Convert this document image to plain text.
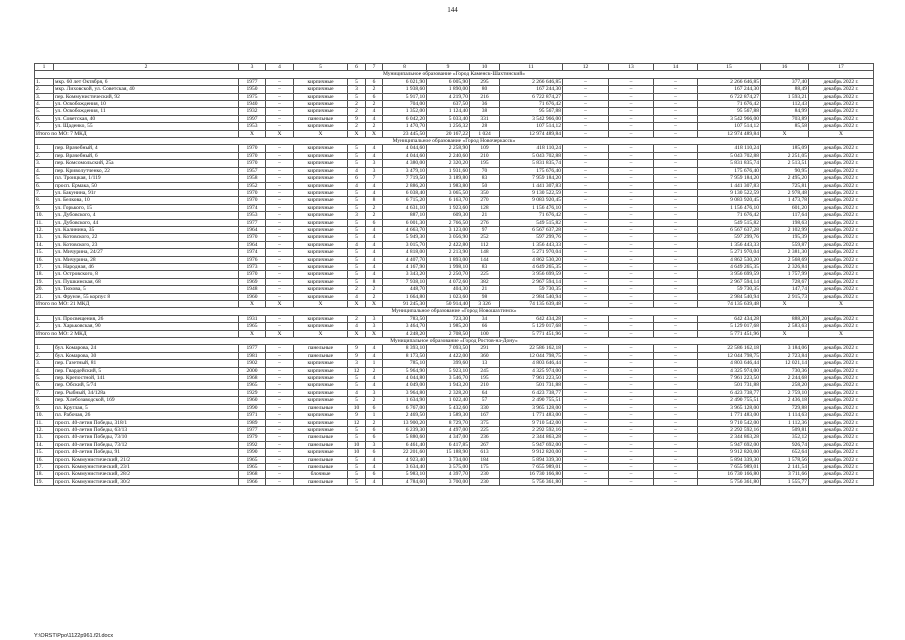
144
1	2	3	4	5	6	7	8	9	10	11	12	13	14	15	16	17
Муниципальное образование «Город Каменск-Шахтинский»																
1.	мкр. 60 лет Октября, 6	1977	–	кирпичные	5	6	6 021,90	6 005,90	295	2 266 646,85	–	–	–	2 266 646,85	377,40	декабрь 2022 г.
2.	мкр. Лиховской, ул. Советская, 40	1950	–	кирпичные	3	2	1 938,60	1 890,00	80	167 244,30	–	–	–	167 244,30	88,49	декабрь 2022 г.
3.	пер. Коммунистический, 92	1975	–	кирпичные	5	6	5 917,10	4 219,70	216	6 722 874,27	–	–	–	6 722 874,27	1 593,21	декабрь 2022 г.
4.	ул. Освобождения, 10	1940	–	кирпичные	2	2	704,00	637,50	36	71 676,42	–	–	–	71 676,42	112,43	декабрь 2022 г.
5.	ул. Освобождения, 11	1932	–	кирпичные	2	4	1 352,00	1 124,40	38	95 567,88	–	–	–	95 567,88	84,99	декабрь 2022 г.
6.	ул. Советская, 40	1997	–	панельные	9	4	6 042,20	5 033,40	331	3 542 966,00	–	–	–	3 542 966,00	703,89	декабрь 2022 г.
7.	ул. Щаденко, 55	1953	–	кирпичные	2	2	1 470,70	1 256,32	28	107 514,12	–	–	–	107 514,12	85,58	декабрь 2022 г.
Итого по МО: 7 МКД		X	X	X	X	X	23 445,50	20 167,22	1 024	12 974 489,84	–	–	–	12 974 489,84	X	X
Муниципальное образование «Город Новочеркасск»																
1.	пер. Врачебный, 4	1970	–	кирпичные	5	4	4 044,60	2 258,90	109	418 110,24	–	–	–	418 110,24	185,09	декабрь 2022 г.
2.	пер. Врачебный, 6	1970	–	кирпичные	5	4	4 044,60	2 240,60	210	5 043 702,88	–	–	–	5 043 702,88	2 251,05	декабрь 2022 г.
3.	пер. Комсомольский, 25а	1970	–	кирпичные	5	3	4 380,00	2 320,20	195	5 831 835,74	–	–	–	5 831 835,74	2 513,51	декабрь 2022 г.
4.	пер. Криволутченко, 22	1957	–	кирпичные	4	3	3 479,10	1 931,60	70	175 676,40	–	–	–	175 676,40	90,95	декабрь 2022 г.
5.	пл. Троицкая, 1/119	1958	–	кирпичные	6	7	7 719,50	3 189,80	83	7 959 184,20	–	–	–	7 959 184,20	2 495,20	декабрь 2022 г.
6.	просп. Ермака, 50	1952	–	кирпичные	4	4	2 886,20	1 983,80	50	1 441 307,83	–	–	–	1 441 307,83	725,81	декабрь 2022 г.
7.	ул. Бакунина, 91г	1970	–	кирпичные	5	4	6 038,40	3 065,50	350	9 130 522,59	–	–	–	9 130 522,59	2 978,48	декабрь 2022 г.
8.	ул. Белкова, 10	1970	–	кирпичные	5	8	6 715,20	6 163,70	270	9 083 920,45	–	–	–	9 083 920,45	1 473,78	декабрь 2022 г.
9.	ул. Горького, 15	1974	–	кирпичные	5	2	4 631,10	1 923,60	128	1 156 476,10	–	–	–	1 156 476,10	601,20	декабрь 2022 г.
10.	ул. Дубовского, 4	1953	–	кирпичные	3	2	887,10	609,30	21	71 676,42	–	–	–	71 676,42	117,64	декабрь 2022 г.
11.	ул. Дубовского, 44	1977	–	кирпичные	5	6	6 001,30	2 766,50	276	549 515,82	–	–	–	549 515,82	198,63	декабрь 2022 г.
12.	ул. Калинина, 35	1964	–	кирпичные	5	4	4 663,70	3 123,00	97	6 567 637,28	–	–	–	6 567 637,28	2 102,99	декабрь 2022 г.
13.	ул. Котовского, 22	1970	–	кирпичные	5	4	5 949,30	3 056,90	252	597 299,76	–	–	–	597 299,76	195,39	декабрь 2022 г.
14.	ул. Котовского, 23	1964	–	кирпичные	4	4	3 015,70	2 422,80	112	1 356 443,33	–	–	–	1 356 443,33	559,87	декабрь 2022 г.
15.	ул. Мичурина, 24/27	1974	–	кирпичные	5	4	4 818,00	2 213,90	148	5 271 970,04	–	–	–	5 271 970,04	2 381,30	декабрь 2022 г.
16.	ул. Мичурина, 28	1976	–	кирпичные	5	4	4 407,70	1 893,00	144	4 862 530,20	–	–	–	4 862 530,20	2 568,69	декабрь 2022 г.
17.	ул. Народная, 46	1973	–	кирпичные	5	4	4 167,90	1 998,10	83	4 649 265,35	–	–	–	4 649 265,35	2 326,84	декабрь 2022 г.
18.	ул. Островского, 8	1970	–	кирпичные	5	4	3 343,20	2 250,70	225	3 956 699,59	–	–	–	3 956 699,59	1 757,99	декабрь 2022 г.
19.	ул. Пушкинская, 68	1969	–	кирпичные	5	8	7 938,10	4 072,60	382	2 967 594,14	–	–	–	2 967 594,14	728,67	декабрь 2022 г.
20.	ул. Тюхова, 5	1948	–	кирпичные	2	2	448,70	404,30	21	59 730,35	–	–	–	59 730,35	147,74	декабрь 2022 г.
21.	ул. Фрунзе, 55 корпус 8	1960	–	кирпичные	4	2	1 664,80	1 023,60	98	2 984 540,94	–	–	–	2 984 540,94	2 915,73	декабрь 2022 г.
Итого по МО: 21 МКД		X	X	X	X	X	91 245,30	50 914,40	3 326	74 135 639,48	–	–	–	74 135 639,48	X	X
Муниципальное образование «Город Новошахтинск»																
1.	ул. Просвещения, 26	1931	–	кирпичные	2	3	783,50	723,30	34	642 434,28	–	–	–	642 434,28	888,20	декабрь 2022 г.
2.	ул. Харьковская, 90	1965	–	кирпичные	4	3	3 464,70	1 985,20	66	5 129 017,68	–	–	–	5 129 017,68	2 583,63	декабрь 2022 г.
Итого по МО: 2 МКД		X	X	X	X	X	4 248,20	2 708,50	100	5 771 451,96	–	–	–	5 771 451,96	X	X
Муниципальное образование «Город Ростов-на-Дону»																
1.	бул. Комарова, 24	1977	–	панельные	9	4	8 393,10	7 093,50	291	22 586 162,18	–	–	–	22 586 162,18	3 184,06	декабрь 2022 г.
2.	бул. Комарова, 30	1981	–	панельные	9	4	8 173,50	4 422,00	360	12 044 798,75	–	–	–	12 044 798,75	2 723,84	декабрь 2022 г.
3.	пер. Газетный, 81	1902	–	кирпичные	3	1	785,10	399,60	13	4 803 646,44	–	–	–	4 803 646,44	12 021,14	декабрь 2022 г.
4.	пер. Гвардейский, 5	2000	–	кирпичные	12	2	5 964,90	5 923,10	245	4 325 974,00	–	–	–	4 325 974,00	730,36	декабрь 2022 г.
5.	пер. Крепостной, 141	1968	–	кирпичные	5	4	4 044,80	3 546,70	195	7 961 223,50	–	–	–	7 961 223,50	2 244,68	декабрь 2022 г.
6.	пер. Обский, 5/74	1965	–	кирпичные	5	4	4 049,00	1 943,20	210	501 731,88	–	–	–	501 731,88	258,20	декабрь 2022 г.
7.	пер. Рыбный, 34/128а	1929	–	кирпичные	4	3	3 964,80	2 328,20	64	6 423 738,77	–	–	–	6 423 738,77	2 759,10	декабрь 2022 г.
8.	пер. Хлебозаводской, 169	1960	–	кирпичные	5	2	1 634,90	1 022,40	57	2 490 755,51	–	–	–	2 490 755,51	2 436,18	декабрь 2022 г.
9.	пл. Круглая, 5	1990	–	панельные	10	6	6 767,00	5 432,60	330	3 965 128,00	–	–	–	3 965 128,00	729,88	декабрь 2022 г.
10.	пл. Рабочая, 26	1971	–	кирпичные	9	1	2 469,50	1 589,30	167	1 771 483,00	–	–	–	1 771 483,00	1 114,63	декабрь 2022 г.
11.	просп. 40-летия Победы, 318/1	1989	–	кирпичные	12	2	13 900,20	8 729,70	375	9 710 542,00	–	–	–	9 710 542,00	1 112,36	декабрь 2022 г.
12.	просп. 40-летия Победы, 63/13	1977	–	кирпичные	5	6	6 239,30	4 497,00	225	2 292 592,16	–	–	–	2 292 592,16	509,81	декабрь 2022 г.
13.	просп. 40-летия Победы, 73/10	1979	–	панельные	5	6	5 880,60	4 347,00	236	2 344 863,28	–	–	–	2 344 863,28	352,12	декабрь 2022 г.
14.	просп. 40-летия Победы, 73/12	1992	–	панельные	10	3	6 461,40	6 417,85	267	5 947 692,00	–	–	–	5 947 692,00	926,74	декабрь 2022 г.
15.	просп. 40-летия Победы, 91	1990	–	кирпичные	10	6	22 201,60	15 188,90	613	9 912 820,00	–	–	–	9 912 820,00	652,64	декабрь 2022 г.
16.	просп. Коммунистический, 21/2	1965	–	панельные	5	4	4 923,40	3 734,00	184	5 894 339,30	–	–	–	5 894 339,30	1 578,56	декабрь 2022 г.
17.	просп. Коммунистический, 23/1	1965	–	панельные	5	4	3 634,40	3 575,00	175	7 655 989,01	–	–	–	7 655 989,01	2 141,54	декабрь 2022 г.
18.	просп. Коммунистический, 28/2	1968	–	блочные	5	6	5 983,10	4 397,70	230	16 730 166,80	–	–	–	16 730 166,80	3 711,66	декабрь 2022 г.
19.	просп. Коммунистический, 30/2	1966	–	панельные	5	4	4 784,60	3 700,00	230	5 756 361,80	–	–	–	5 756 361,80	1 555,77	декабрь 2022 г.
Y:\ORST\Ppo\1122p961.f2l.docx
